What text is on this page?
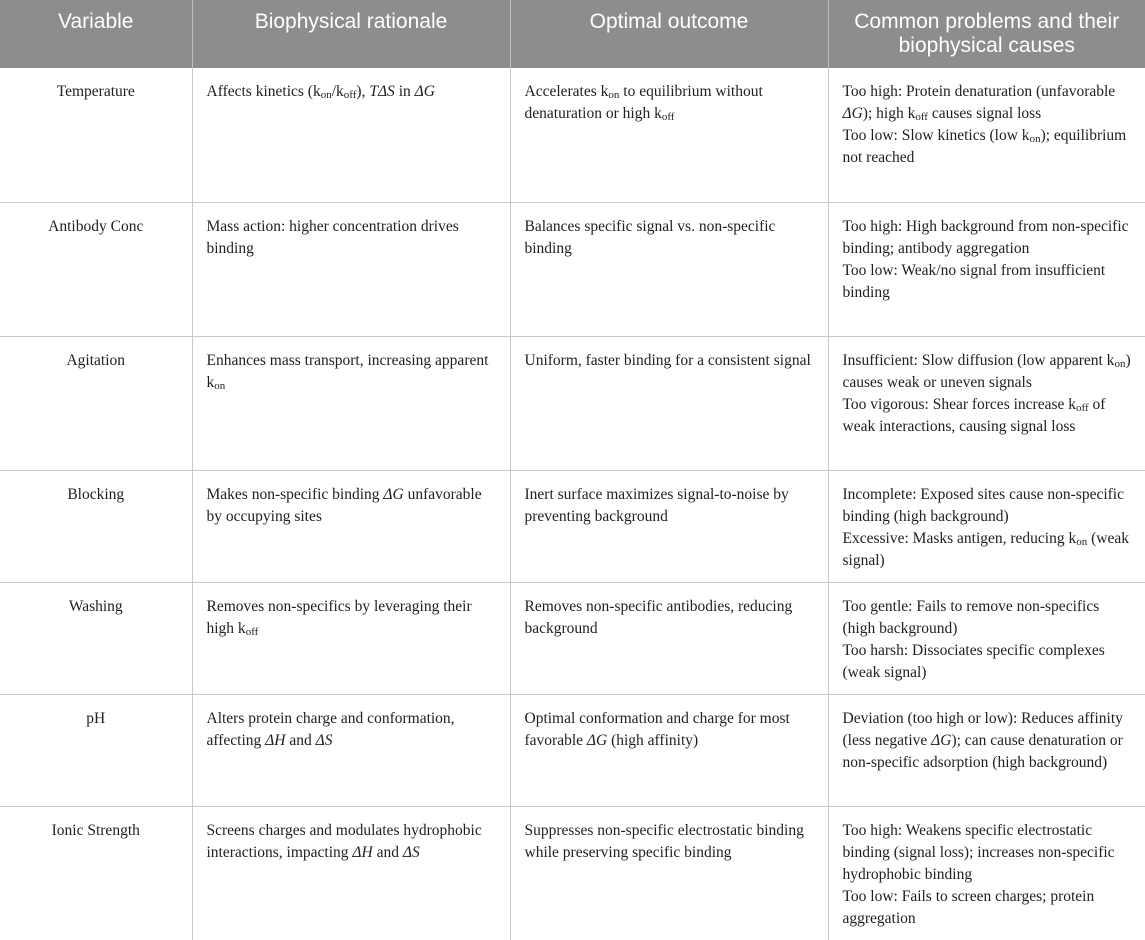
Variable	Biophysical rationale	Optimal outcome	Common problems and their biophysical causes
Temperature	Affects kinetics $(k_{on}/k_{off})$, TΔS in ΔG	Accelerates $k_{on}$ to equilibrium without denaturation or high $k_{off}$	Too high: Protein denaturation (unfavorable ΔG); high $k_{off}$ causes signal loss
Too low: Slow kinetics (low $k_{on}$); equilibrium not reached

Antibody Conc	Mass action: higher concentration drives binding	Balances specific signal vs. non-specific binding	Too high: High background from non-specific binding; antibody aggregation
Too low: Weak/no signal from insufficient binding

Agitation	Enhances mass transport, increasing apparent $k_{on}$	Uniform, faster binding for a consistent signal	Insufficient: Slow diffusion (low apparent $k_{on}$) causes weak or uneven signals
Too vigorous: Shear forces increase $k_{off}$ of weak interactions, causing signal loss

Blocking	Makes non-specific binding ΔG unfavorable by occupying sites	Inert surface maximizes signal-to-noise by preventing background	Incomplete: Exposed sites cause non-specific binding (high background)
Excessive: Masks antigen, reducing $k_{on}$ (weak signal)

Washing	Removes non-specifics by leveraging their high $k_{off}$	Removes non-specific antibodies, reducing background	Too gentle: Fails to remove non-specifics (high background)
Too harsh: Dissociates specific complexes (weak signal)

pH	Alters protein charge and conformation, affecting ΔH and ΔS	Optimal conformation and charge for most favorable ΔG (high affinity)	Deviation (too high or low): Reduces affinity (less negative ΔG); can cause denaturation or non-specific adsorption (high background)

Ionic Strength	Screens charges and modulates hydrophobic interactions, impacting ΔH and ΔS	Suppresses non-specific electrostatic binding while preserving specific binding	Too high: Weakens specific electrostatic binding (signal loss); increases non-specific hydrophobic binding
Too low: Fails to screen charges; protein aggregation
